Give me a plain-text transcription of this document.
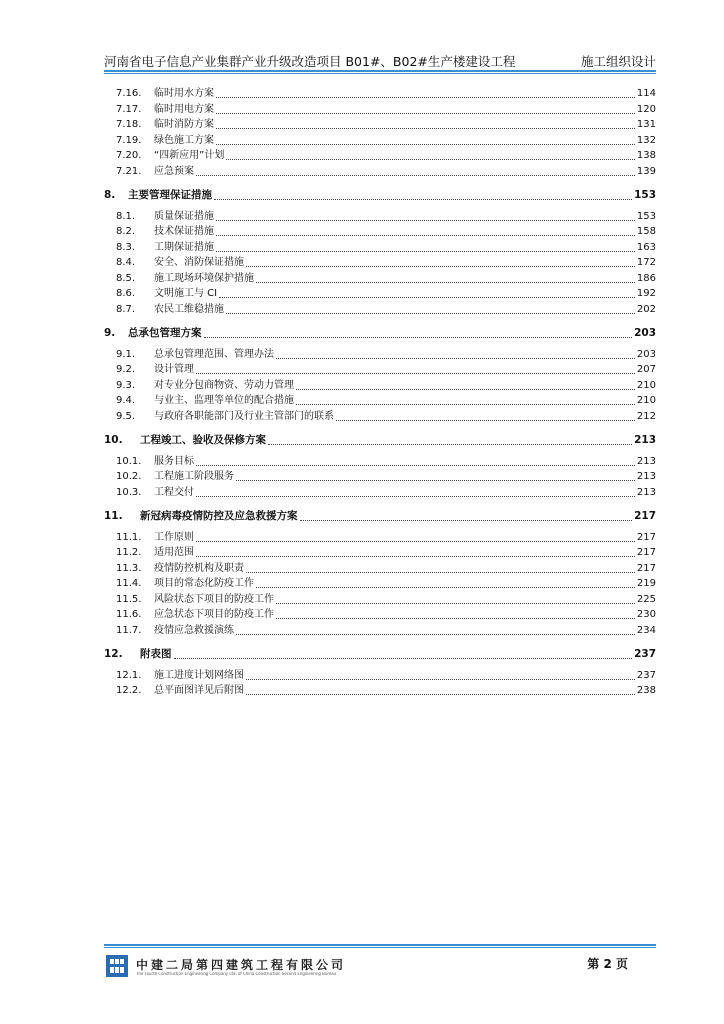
河南省电子信息产业集群产业升级改造项目 B01#、B02#生产楼建设工程	施工组织设计
7.16. 临时用水方案	114
7.17. 临时用电方案	120
7.18. 临时消防方案	131
7.19. 绿色施工方案	132
7.20. “四新应用”计划	138
7.21. 应急预案	139
8. 主要管理保证措施	153
8.1. 质量保证措施	153
8.2. 技术保证措施	158
8.3. 工期保证措施	163
8.4. 安全、消防保证措施	172
8.5. 施工现场环境保护措施	186
8.6. 文明施工与 CI	192
8.7. 农民工维稳措施	202
9. 总承包管理方案	203
9.1. 总承包管理范围、管理办法	203
9.2. 设计管理	207
9.3. 对专业分包商物资、劳动力管理	210
9.4. 与业主、监理等单位的配合措施	210
9.5. 与政府各职能部门及行业主管部门的联系	212
10. 工程竣工、验收及保修方案	213
10.1. 服务目标	213
10.2. 工程施工阶段服务	213
10.3. 工程交付	213
11. 新冠病毒疫情防控及应急救援方案	217
11.1. 工作原则	217
11.2. 适用范围	217
11.3. 疫情防控机构及职责	217
11.4. 项目的常态化防疫工作	219
11.5. 风险状态下项目的防疫工作	225
11.6. 应急状态下项目的防疫工作	230
11.7. 疫情应急救援演练	234
12. 附表图	237
12.1. 施工进度计划网络图	237
12.2. 总平面图详见后附图	238
中建二局第四建筑工程有限公司
The Fourth Construction Engineering Company Ltd. of China Construction Second Engineering Bureau
第 2 页
